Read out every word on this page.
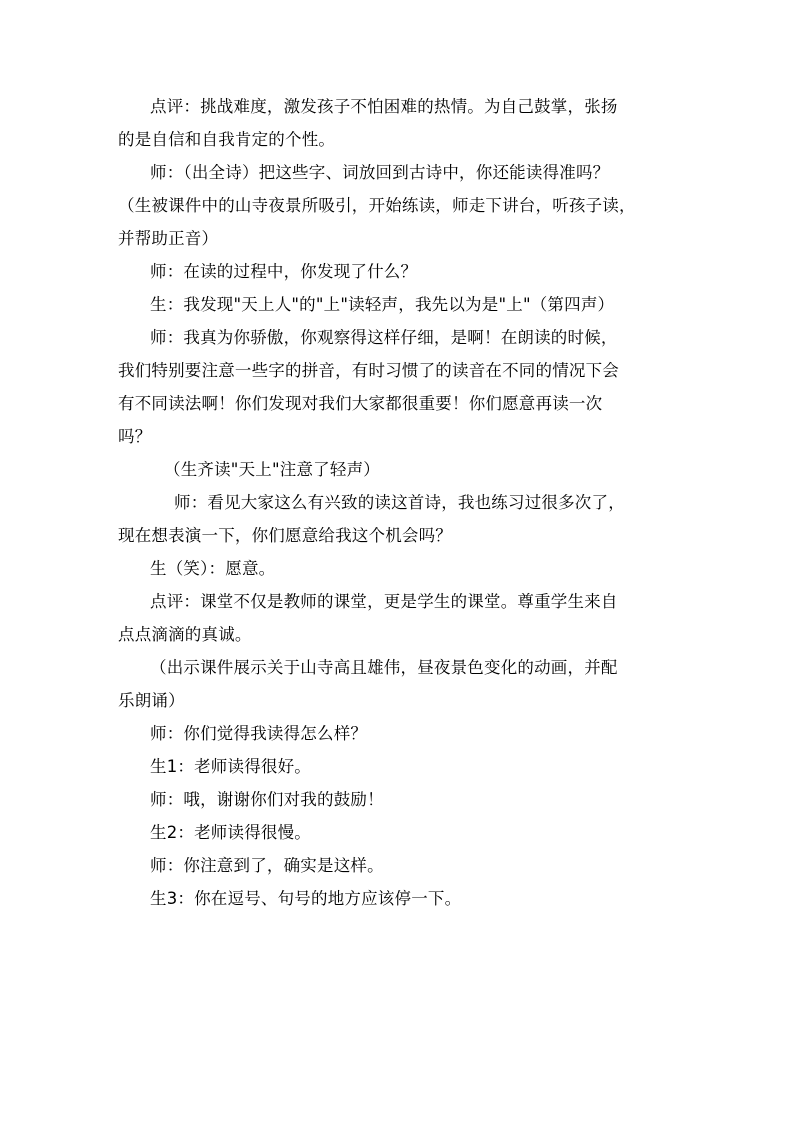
点评：挑战难度，激发孩子不怕困难的热情。为自己鼓掌，张扬
的是自信和自我肯定的个性。
师：（出全诗）把这些字、词放回到古诗中，你还能读得准吗？
（生被课件中的山寺夜景所吸引，开始练读，师走下讲台，听孩子读，
并帮助正音）
师：在读的过程中，你发现了什么？
生：我发现"天上人"的"上"读轻声，我先以为是"上"（第四声）
师：我真为你骄傲，你观察得这样仔细，是啊！在朗读的时候，
我们特别要注意一些字的拼音，有时习惯了的读音在不同的情况下会
有不同读法啊！你们发现对我们大家都很重要！你们愿意再读一次
吗？
（生齐读"天上"注意了轻声）
师：看见大家这么有兴致的读这首诗，我也练习过很多次了，
现在想表演一下，你们愿意给我这个机会吗？
生（笑）：愿意。
点评：课堂不仅是教师的课堂，更是学生的课堂。尊重学生来自
点点滴滴的真诚。
（出示课件展示关于山寺高且雄伟，昼夜景色变化的动画，并配
乐朗诵）
师：你们觉得我读得怎么样？
生1：老师读得很好。
师：哦，谢谢你们对我的鼓励！
生2：老师读得很慢。
师：你注意到了，确实是这样。
生3：你在逗号、句号的地方应该停一下。
